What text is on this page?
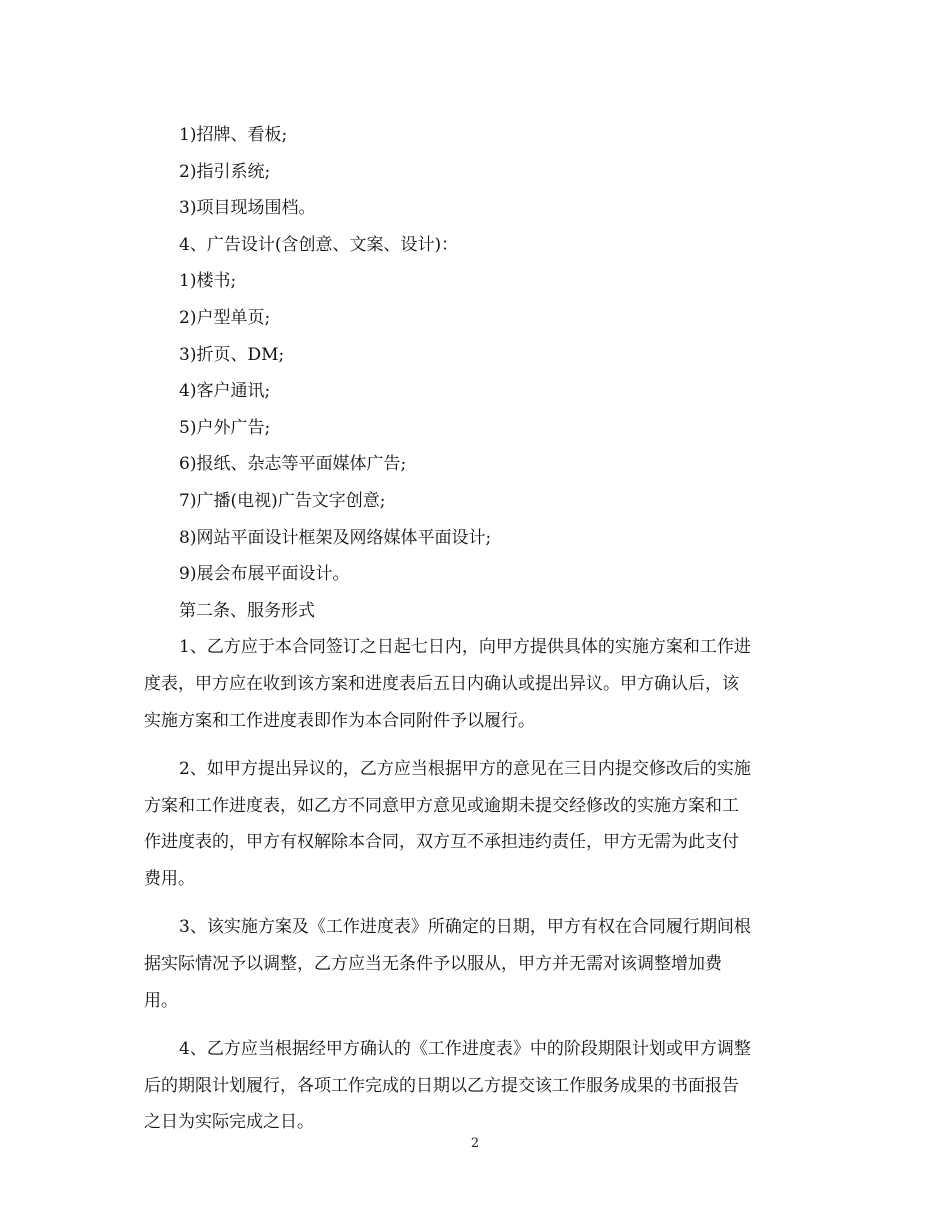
1)招牌、看板;
2)指引系统;
3)项目现场围档。
4、广告设计(含创意、文案、设计)：
1)楼书;
2)户型单页;
3)折页、DM;
4)客户通讯;
5)户外广告;
6)报纸、杂志等平面媒体广告;
7)广播(电视)广告文字创意;
8)网站平面设计框架及网络媒体平面设计;
9)展会布展平面设计。
第二条、服务形式
1、乙方应于本合同签订之日起七日内，向甲方提供具体的实施方案和工作进
度表，甲方应在收到该方案和进度表后五日内确认或提出异议。甲方确认后，该
实施方案和工作进度表即作为本合同附件予以履行。
2、如甲方提出异议的，乙方应当根据甲方的意见在三日内提交修改后的实施
方案和工作进度表，如乙方不同意甲方意见或逾期未提交经修改的实施方案和工
作进度表的，甲方有权解除本合同，双方互不承担违约责任，甲方无需为此支付
费用。
3、该实施方案及《工作进度表》所确定的日期，甲方有权在合同履行期间根
据实际情况予以调整，乙方应当无条件予以服从，甲方并无需对该调整增加费
用。
4、乙方应当根据经甲方确认的《工作进度表》中的阶段期限计划或甲方调整
后的期限计划履行，各项工作完成的日期以乙方提交该工作服务成果的书面报告
之日为实际完成之日。
2
